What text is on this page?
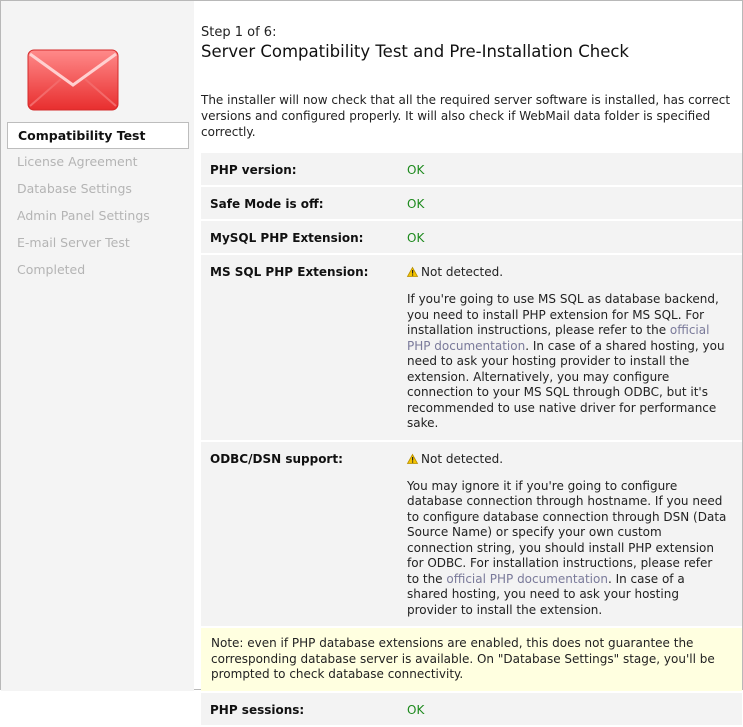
Compatibility Test
License Agreement
Database Settings
Admin Panel Settings
E-mail Server Test
Completed
Step 1 of 6:
Server Compatibility Test and Pre-Installation Check
The installer will now check that all the required server software is installed, has correct versions and configured properly. It will also check if WebMail data folder is specified correctly.
PHP version:	OK
Safe Mode is off:	OK
MySQL PHP Extension:	OK
MS SQL PHP Extension:	Not detected.
If you're going to use MS SQL as database backend, you need to install PHP extension for MS SQL. For installation instructions, please refer to the official PHP documentation. In case of a shared hosting, you need to ask your hosting provider to install the extension. Alternatively, you may configure connection to your MS SQL through ODBC, but it's recommended to use native driver for performance sake.
ODBC/DSN support:	Not detected.
You may ignore it if you're going to configure database connection through hostname. If you need to configure database connection through DSN (Data Source Name) or specify your own custom connection string, you should install PHP extension for ODBC. For installation instructions, please refer to the official PHP documentation. In case of a shared hosting, you need to ask your hosting provider to install the extension.
Note: even if PHP database extensions are enabled, this does not guarantee the corresponding database server is available. On "Database Settings" stage, you'll be prompted to check database connectivity.
PHP sessions:	OK
